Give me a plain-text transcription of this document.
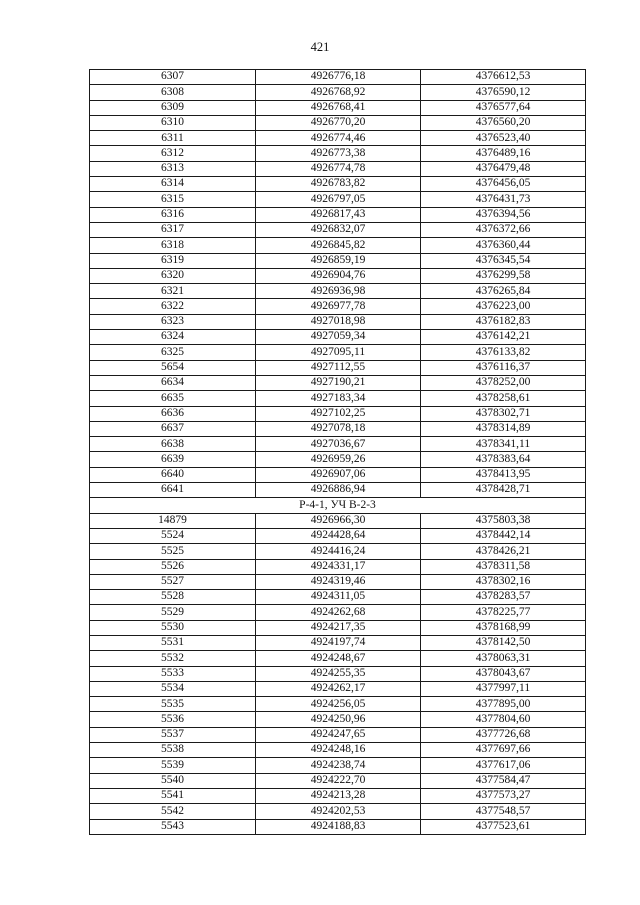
421
6307	4926776,18	4376612,53
6308	4926768,92	4376590,12
6309	4926768,41	4376577,64
6310	4926770,20	4376560,20
6311	4926774,46	4376523,40
6312	4926773,38	4376489,16
6313	4926774,78	4376479,48
6314	4926783,82	4376456,05
6315	4926797,05	4376431,73
6316	4926817,43	4376394,56
6317	4926832,07	4376372,66
6318	4926845,82	4376360,44
6319	4926859,19	4376345,54
6320	4926904,76	4376299,58
6321	4926936,98	4376265,84
6322	4926977,78	4376223,00
6323	4927018,98	4376182,83
6324	4927059,34	4376142,21
6325	4927095,11	4376133,82
5654	4927112,55	4376116,37
6634	4927190,21	4378252,00
6635	4927183,34	4378258,61
6636	4927102,25	4378302,71
6637	4927078,18	4378314,89
6638	4927036,67	4378341,11
6639	4926959,26	4378383,64
6640	4926907,06	4378413,95
6641	4926886,94	4378428,71
Р-4-1, УЧ В-2-3		
14879	4926966,30	4375803,38
5524	4924428,64	4378442,14
5525	4924416,24	4378426,21
5526	4924331,17	4378311,58
5527	4924319,46	4378302,16
5528	4924311,05	4378283,57
5529	4924262,68	4378225,77
5530	4924217,35	4378168,99
5531	4924197,74	4378142,50
5532	4924248,67	4378063,31
5533	4924255,35	4378043,67
5534	4924262,17	4377997,11
5535	4924256,05	4377895,00
5536	4924250,96	4377804,60
5537	4924247,65	4377726,68
5538	4924248,16	4377697,66
5539	4924238,74	4377617,06
5540	4924222,70	4377584,47
5541	4924213,28	4377573,27
5542	4924202,53	4377548,57
5543	4924188,83	4377523,61
